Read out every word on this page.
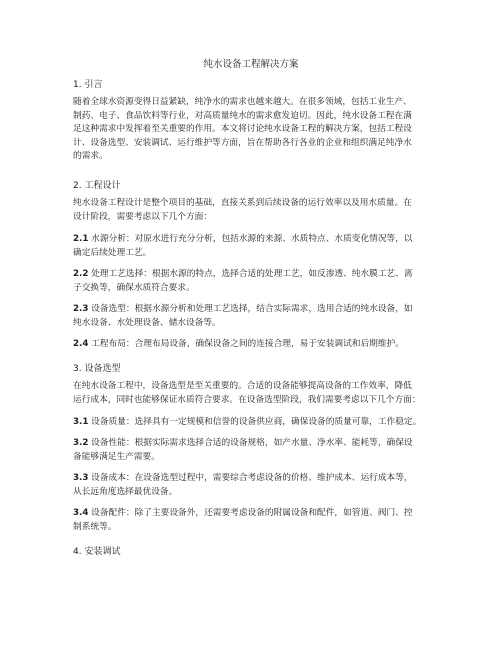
纯水设备工程解决方案
1. 引言
随着全球水资源变得日益紧缺，纯净水的需求也越来越大。在很多领域，包括工业生产、
制药、电子、食品饮料等行业，对高质量纯水的需求愈发迫切。因此，纯水设备工程在满
足这种需求中发挥着至关重要的作用。本文将讨论纯水设备工程的解决方案，包括工程设
计、设备选型、安装调试、运行维护等方面，旨在帮助各行各业的企业和组织满足纯净水
的需求。
2. 工程设计
纯水设备工程设计是整个项目的基础，直接关系到后续设备的运行效率以及用水质量。在
设计阶段，需要考虑以下几个方面：
2.1 水源分析：对原水进行充分分析，包括水源的来源、水质特点、水质变化情况等，以
确定后续处理工艺。
2.2 处理工艺选择：根据水源的特点，选择合适的处理工艺，如反渗透、纯水膜工艺、离
子交换等，确保水质符合要求。
2.3 设备选型：根据水源分析和处理工艺选择，结合实际需求，选用合适的纯水设备，如
纯水设备、水处理设备、储水设备等。
2.4 工程布局：合理布局设备，确保设备之间的连接合理，易于安装调试和后期维护。
3. 设备选型
在纯水设备工程中，设备选型是至关重要的。合适的设备能够提高设备的工作效率，降低
运行成本，同时也能够保证水质符合要求。在设备选型阶段，我们需要考虑以下几个方面：
3.1 设备质量：选择具有一定规模和信誉的设备供应商，确保设备的质量可靠，工作稳定。
3.2 设备性能：根据实际需求选择合适的设备规格，如产水量、净水率、能耗等，确保设
备能够满足生产需要。
3.3 设备成本：在设备选型过程中，需要综合考虑设备的价格、维护成本、运行成本等，
从长远角度选择最优设备。
3.4 设备配件：除了主要设备外，还需要考虑设备的附属设备和配件，如管道、阀门、控
制系统等。
4. 安装调试
